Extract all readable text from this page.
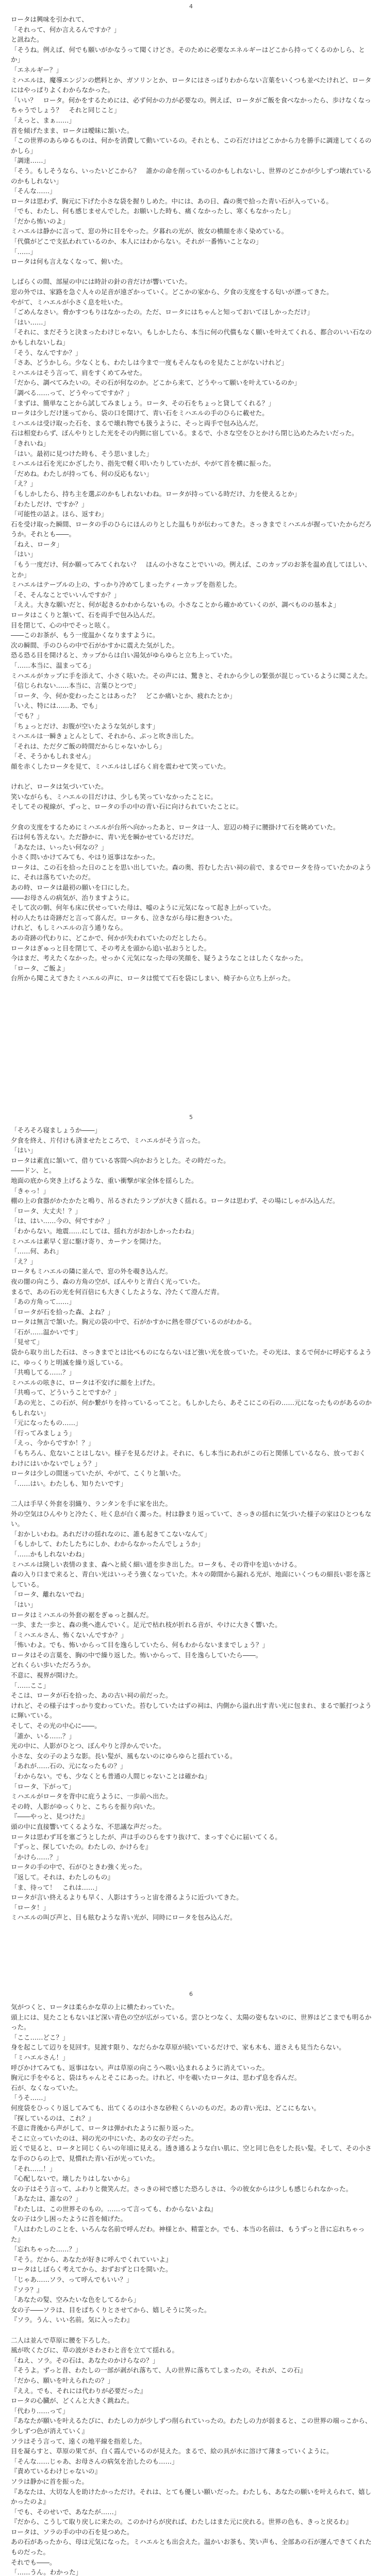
4

ロータは興味を引かれて、

「それって、何か言えるんですか？」

と訊ねた。

「そうね。例えば、何でも願いがかなうって聞くけどさ。そのために必要なエネルギーはどこから持ってくるのかしら、とか」

「エネルギー？」

ミハエルは、魔導エンジンの燃料とか、ガソリンとか、ロータにはさっぱりわからない言葉をいくつも並べたけれど、ロータにはやっぱりよくわからなかった。

「いい？　ロータ。何かをするためには、必ず何かの力が必要なの。例えば、ロータがご飯を食べなかったら、歩けなくなっちゃうでしょう？　それと同じこと」

「えっと、まぁ……」

首を傾げたまま、ロータは曖昧に頷いた。

「この世界のあらゆるものは、何かを消費して動いているの。それとも、この石だけはどこかから力を勝手に調達してくるのかしら」

「調達……」

「そう。もしそうなら、いったいどこから？　誰かの命を削っているのかもしれないし、世界のどこかが少しずつ壊れているのかもしれない」

「そんな……」

ロータは思わず、胸元に下げた小さな袋を握りしめた。中には、あの日、森の奥で拾った青い石が入っている。

「でも、わたし、何も感じませんでした。お願いした時も、痛くなかったし、寒くもなかったし」

「だから怖いのよ」

ミハエルは静かに言って、窓の外に目をやった。夕暮れの光が、彼女の横顔を赤く染めている。

「代償がどこで支払われているのか、本人にはわからない。それが一番怖いことなの」

「……」

ロータは何も言えなくなって、俯いた。

しばらくの間、部屋の中には時計の針の音だけが響いていた。

窓の外では、家路を急ぐ人々の足音が遠ざかっていく。どこかの家から、夕食の支度をする匂いが漂ってきた。

やがて、ミハエルが小さく息を吐いた。

「ごめんなさい。脅かすつもりはなかったの。ただ、ロータにはちゃんと知っておいてほしかっただけ」

「はい……」

「それに、まだそうと決まったわけじゃない。もしかしたら、本当に何の代償もなく願いを叶えてくれる、都合のいい石なのかもしれないしね」

「そう、なんですか？」

「さあ、どうかしら。少なくとも、わたしは今まで一度もそんなものを見たことがないけれど」

ミハエルはそう言って、肩をすくめてみせた。

「だから、調べてみたいの。その石が何なのか。どこから来て、どうやって願いを叶えているのか」

「調べる……って、どうやってですか？」

「まずは、簡単なことから試してみましょう。ロータ、その石をちょっと貸してくれる？」

ロータは少しだけ迷ってから、袋の口を開けて、青い石をミハエルの手のひらに載せた。

ミハエルは受け取った石を、まるで壊れ物でも扱うように、そっと両手で包み込んだ。

石は相変わらず、ぼんやりとした光をその内側に宿している。まるで、小さな空をひとかけら閉じ込めたみたいだった。

「きれいね」

「はい。最初に見つけた時も、そう思いました」

ミハエルは石を光にかざしたり、指先で軽く叩いたりしていたが、やがて首を横に振った。

「だめね。わたしが持っても、何の反応もない」

「え？」

「もしかしたら、持ち主を選ぶのかもしれないわね。ロータが持っている時だけ、力を使えるとか」

「わたしだけ、ですか？」

「可能性の話よ。ほら、返すわ」

石を受け取った瞬間、ロータの手のひらにほんのりとした温もりが伝わってきた。さっきまでミハエルが握っていたからだろうか。それとも――。

「ねえ、ロータ」

「はい」

「もう一度だけ、何か願ってみてくれない？　ほんの小さなことでいいの。例えば、このカップのお茶を温め直してほしい、とか」

ミハエルはテーブルの上の、すっかり冷めてしまったティーカップを指差した。

「そ、そんなことでいいんですか？」

「ええ。大きな願いだと、何が起きるかわからないもの。小さなことから確かめていくのが、調べものの基本よ」

ロータはこくりと頷いて、石を両手で包み込んだ。

目を閉じて、心の中でそっと呟く。

――このお茶が、もう一度温かくなりますように。

次の瞬間、手のひらの中で石がかすかに震えた気がした。

恐る恐る目を開けると、カップからは白い湯気がゆらゆらと立ち上っていた。

「……本当に、温まってる」

ミハエルがカップに手を添えて、小さく呟いた。その声には、驚きと、それから少しの緊張が混じっているように聞こえた。

「信じられない……本当に、言葉ひとつで」

「ロータ、今、何か変わったことはあった？　どこか痛いとか、疲れたとか」

「いえ、特には……あ、でも」

「でも？」

「ちょっとだけ、お腹が空いたような気がします」

ミハエルは一瞬きょとんとして、それから、ぷっと吹き出した。

「それは、ただ夕ご飯の時間だからじゃないかしら」

「そ、そうかもしれません」

顔を赤くしたロータを見て、ミハエルはしばらく肩を震わせて笑っていた。

けれど、ロータは気づいていた。

笑いながらも、ミハエルの目だけは、少しも笑っていなかったことに。

そしてその視線が、ずっと、ロータの手の中の青い石に向けられていたことに。

夕食の支度をするためにミハエルが台所へ向かったあと、ロータは一人、窓辺の椅子に腰掛けて石を眺めていた。

石は何も答えない。ただ静かに、青い光を瞬かせているだけだ。

「あなたは、いったい何なの？」

小さく問いかけてみても、やはり返事はなかった。

ロータは、この石を拾った日のことを思い出していた。森の奥、苔むした古い祠の前で、まるでロータを待っていたかのように、それは落ちていたのだ。

あの時、ロータは最初の願いを口にした。

――お母さんの病気が、治りますように。

そして次の朝、何年も床に伏せっていた母は、嘘のように元気になって起き上がっていた。

村の人たちは奇跡だと言って喜んだ。ロータも、泣きながら母に抱きついた。

けれど、もしミハエルの言う通りなら。

あの奇跡の代わりに、どこかで、何かが失われていたのだとしたら。

ロータはぎゅっと目を閉じて、その考えを頭から追い払おうとした。

今はまだ、考えたくなかった。せっかく元気になった母の笑顔を、疑うようなことはしたくなかった。

「ロータ、ご飯よ」

台所から聞こえてきたミハエルの声に、ロータは慌てて石を袋にしまい、椅子から立ち上がった。

5

「そろそろ寝ましょうか――」

夕食を終え、片付けも済ませたところで、ミハエルがそう言った。

「はい」

ロータは素直に頷いて、借りている客間へ向かおうとした。その時だった。

――ドン、と。

地面の底から突き上げるような、重い衝撃が家全体を揺らした。

「きゃっ！」

棚の上の食器がかたかたと鳴り、吊るされたランプが大きく揺れる。ロータは思わず、その場にしゃがみ込んだ。

「ロータ、大丈夫！？」

「は、はい……今の、何ですか？」

「わからない。地震……にしては、揺れ方がおかしかったわね」

ミハエルは素早く窓に駆け寄り、カーテンを開けた。

「……何、あれ」

「え？」

ロータもミハエルの隣に並んで、窓の外を覗き込んだ。

夜の闇の向こう、森の方角の空が、ぼんやりと青白く光っていた。

まるで、あの石の光を何百倍にも大きくしたような、冷たくて澄んだ青。

「あの方角って……」

「ロータが石を拾った森、よね？」

ロータは無言で頷いた。胸元の袋の中で、石がかすかに熱を帯びているのがわかる。

「石が……温かいです」

「見せて」

袋から取り出した石は、さっきまでとは比べものにならないほど強い光を放っていた。その光は、まるで何かに呼応するように、ゆっくりと明滅を繰り返している。

「共鳴してる……？」

ミハエルの呟きに、ロータは不安げに顔を上げた。

「共鳴って、どういうことですか？」

「あの光と、この石が、何か繋がりを持っているってこと。もしかしたら、あそこにこの石の……元になったものがあるのかもしれない」

「元になったもの……」

「行ってみましょう」

「えっ、今からですか！？」

「もちろん、危ないことはしない。様子を見るだけよ。それに、もし本当にあれがこの石と関係しているなら、放っておくわけにはいかないでしょう？」

ロータは少しの間迷っていたが、やがて、こくりと頷いた。

「……はい。わたしも、知りたいです」

二人は手早く外套を羽織り、ランタンを手に家を出た。

外の空気はひんやりと冷たく、吐く息が白く濁った。村は静まり返っていて、さっきの揺れに気づいた様子の家はひとつもない。

「おかしいわね。あれだけの揺れなのに、誰も起きてこないなんて」

「もしかして、わたしたちにしか、わからなかったんでしょうか」

「……かもしれないわね」

ミハエルは険しい表情のまま、森へと続く細い道を歩き出した。ロータも、その背中を追いかける。

森の入り口まで来ると、青白い光はいっそう強くなっていた。木々の隙間から漏れる光が、地面にいくつもの細長い影を落としている。

「ロータ、離れないでね」

「はい」

ロータはミハエルの外套の裾をぎゅっと掴んだ。

一歩、また一歩と、森の奥へ進んでいく。足元で枯れ枝が折れる音が、やけに大きく響いた。

「ミハエルさん、怖くないんですか？」

「怖いわよ。でも、怖いからって目を逸らしていたら、何もわからないままでしょう？」

ロータはその言葉を、胸の中で繰り返した。怖いからって、目を逸らしていたら――。

どれくらい歩いただろうか。

不意に、視界が開けた。

「……ここ」

そこは、ロータが石を拾った、あの古い祠の前だった。

けれど、その様子はすっかり変わっていた。苔むしていたはずの祠は、内側から溢れ出す青い光に包まれ、まるで脈打つように輝いている。

そして、その光の中心に――。

「誰か、いる……？」

光の中に、人影がひとつ、ぼんやりと浮かんでいた。

小さな、女の子のような影。長い髪が、風もないのにゆらゆらと揺れている。

「あれが……石の、元になったもの？」

「わからない。でも、少なくとも普通の人間じゃないことは確かね」

「ロータ、下がって」

ミハエルがロータを背中に庇うように、一歩前へ出た。

その時、人影がゆっくりと、こちらを振り向いた。

『――やっと、見つけた』

頭の中に直接響いてくるような、不思議な声だった。

ロータは思わず耳を塞ごうとしたが、声は手のひらをすり抜けて、まっすぐ心に届いてくる。

『ずっと、探していたの。わたしの、かけらを』

「かけら……？」

ロータの手の中で、石がひときわ強く光った。

『返して。それは、わたしのもの』

「ま、待って！　これは……」

ロータが言い終えるよりも早く、人影はすうっと宙を滑るように近づいてきた。

「ロータ！」

ミハエルの叫び声と、目も眩むような青い光が、同時にロータを包み込んだ。

6

気がつくと、ロータは柔らかな草の上に横たわっていた。

頭上には、見たこともないほど深い青色の空が広がっている。雲ひとつなく、太陽の姿もないのに、世界はどこまでも明るかった。

「ここ……どこ？」

身を起こして辺りを見回す。見渡す限り、なだらかな草原が続いているだけで、家も木も、道さえも見当たらない。

「ミハエルさん！」

呼びかけてみても、返事はない。声は草原の向こうへ吸い込まれるように消えていった。

胸元に手をやると、袋はちゃんとそこにあった。けれど、中を覗いたロータは、思わず息を呑んだ。

石が、なくなっていた。

「うそ……」

何度袋をひっくり返してみても、出てくるのは小さな砂粒くらいのものだ。あの青い光は、どこにもない。

『探しているのは、これ？』

不意に背後から声がして、ロータは弾かれたように振り返った。

そこに立っていたのは、祠の光の中にいた、あの女の子だった。

近くで見ると、ロータと同じくらいの年頃に見える。透き通るような白い肌に、空と同じ色をした長い髪。そして、その小さな手のひらの上で、見慣れた青い石が光っていた。

「それ……！」

『心配しないで。壊したりはしないから』

女の子はそう言って、ふわりと微笑んだ。さっきの祠で感じた恐ろしさは、今の彼女からは少しも感じられなかった。

「あなたは、誰なの？」

『わたしは、この世界そのもの。……って言っても、わからないよね』

女の子は少し困ったように首を傾げた。

『人はわたしのことを、いろんな名前で呼んだわ。神様とか、精霊とか。でも、本当の名前は、もうずっと昔に忘れちゃった』

「忘れちゃった……？」

『そう。だから、あなたが好きに呼んでくれていいよ』

ロータはしばらく考えてから、おずおずと口を開いた。

「じゃあ……ソラ、って呼んでもいい？」

『ソラ？』

「あなたの髪、空みたいな色をしてるから」

女の子――ソラは、目をぱちくりとさせてから、嬉しそうに笑った。

『ソラ。うん、いい名前。気に入ったわ』

二人は並んで草原に腰を下ろした。

風が吹くたびに、草の波がさわさわと音を立てて揺れる。

「ねえ、ソラ。その石は、あなたのかけらなの？」

『そうよ。ずっと昔、わたしの一部が剥がれ落ちて、人の世界に落ちてしまったの。それが、この石』

「だから、願いを叶えられたの？」

『ええ。でも、それには代わりが必要だった』

ロータの心臓が、どくんと大きく跳ねた。

「代わり……って」

『あなたが願いを叶えるたびに、わたしの力が少しずつ削られていったの。わたしの力が弱まると、この世界の端っこから、少しずつ色が消えていく』

ソラはそう言って、遠くの地平線を指差した。

目を凝らすと、草原の果てが、白く霞んでいるのが見えた。まるで、絵の具が水に溶けて薄まっていくように。

「そんな……じゃあ、お母さんの病気を治したのも……」

『責めているわけじゃないの』

ソラは静かに首を振った。

『あなたは、大切な人を助けたかっただけ。それは、とても優しい願いだった。わたしも、あなたの願いを叶えられて、嬉しかったのよ』

「でも、そのせいで、あなたが……」

『だから、こうして取り戻しに来たの。このかけらが戻れば、わたしはまた元に戻れる。世界の色も、きっと戻るわ』

ロータは、ソラの手の中の石を見つめた。

あの石があったから、母は元気になった。ミハエルとも出会えた。温かいお茶も、笑い声も、全部あの石が運んできてくれたものだった。

それでも――。

「……うん。わかった」
